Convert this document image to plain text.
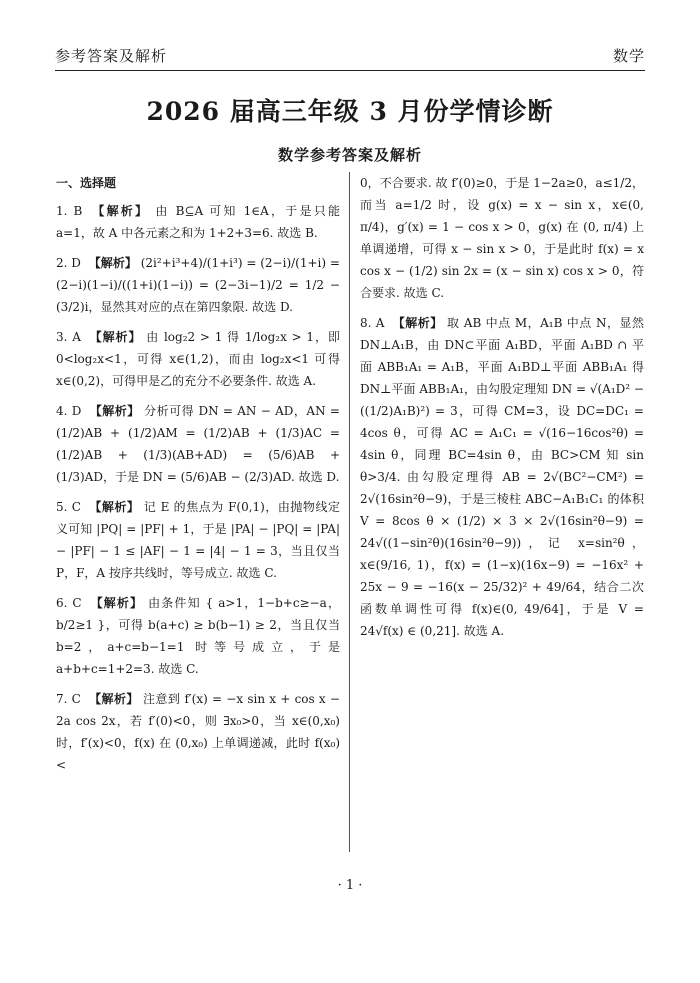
参考答案及解析	数学
2026 届高三年级 3 月份学情诊断
数学参考答案及解析
一、选择题
1. B 【解析】 由 B⊆A 可知 1∈A，于是只能 a=1，故 A 中各元素之和为 1+2+3=6. 故选 B.
2. D 【解析】 (2i²+i³+4)/(1+i³) = (2−i)/(1+i) = (2−i)(1−i)/((1+i)(1−i)) = (2−3i−1)/2 = 1/2 − (3/2)i，显然其对应的点在第四象限. 故选 D.
3. A 【解析】 由 log₂2 > 1 得 1/log₂x > 1，即 0<log₂x<1，可得 x∈(1,2)，而由 log₂x<1 可得 x∈(0,2)，可得甲是乙的充分不必要条件. 故选 A.
4. D 【解析】 分析可得 DN = AN − AD，AN = (1/2)AB + (1/2)AM = (1/2)AB + (1/3)AC = (1/2)AB + (1/3)(AB+AD) = (5/6)AB + (1/3)AD，于是 DN = (5/6)AB − (2/3)AD. 故选 D.
5. C 【解析】 记 E 的焦点为 F(0,1)，由抛物线定义可知 |PQ| = |PF| + 1，于是 |PA| − |PQ| = |PA| − |PF| − 1 ≤ |AF| − 1 = |4| − 1 = 3，当且仅当 P，F，A 按序共线时，等号成立. 故选 C.
6. C 【解析】 由条件知 { a>1，1−b+c≥−a，b/2≥1 }，可得 b(a+c) ≥ b(b−1) ≥ 2，当且仅当 b=2，a+c=b−1=1 时等号成立，于是 a+b+c=1+2=3. 故选 C.
7. C 【解析】 注意到 f′(x) = −x sin x + cos x − 2a cos 2x，若 f′(0)<0，则 ∃x₀>0，当 x∈(0,x₀) 时，f′(x)<0，f(x) 在 (0,x₀) 上单调递减，此时 f(x₀)<
0，不合要求. 故 f′(0)≥0，于是 1−2a≥0，a≤1/2，而当 a=1/2 时，设 g(x) = x − sin x，x∈(0, π/4)，g′(x) = 1 − cos x > 0，g(x) 在 (0, π/4) 上单调递增，可得 x − sin x > 0，于是此时 f(x) = x cos x − (1/2) sin 2x = (x − sin x) cos x > 0，符合要求. 故选 C.
8. A 【解析】 取 AB 中点 M，A₁B 中点 N，显然 DN⊥A₁B，由 DN⊂平面 A₁BD，平面 A₁BD ∩ 平面 ABB₁A₁ = A₁B，平面 A₁BD⊥平面 ABB₁A₁ 得 DN⊥平面 ABB₁A₁，由勾股定理知 DN = √(A₁D² − ((1/2)A₁B)²) = 3，可得 CM=3，设 DC=DC₁ = 4cos θ，可得 AC = A₁C₁ = √(16−16cos²θ) = 4sin θ，同理 BC=4sin θ，由 BC>CM 知 sin θ>3/4. 由勾股定理得 AB = 2√(BC²−CM²) = 2√(16sin²θ−9)，于是三棱柱 ABC−A₁B₁C₁ 的体积 V = 8cos θ × (1/2) × 3 × 2√(16sin²θ−9) = 24√((1−sin²θ)(16sin²θ−9))，记 x=sin²θ，x∈(9/16, 1)，f(x) = (1−x)(16x−9) = −16x² + 25x − 9 = −16(x − 25/32)² + 49/64，结合二次函数单调性可得 f(x)∈(0, 49/64]，于是 V = 24√f(x) ∈ (0,21]. 故选 A.
· 1 ·
